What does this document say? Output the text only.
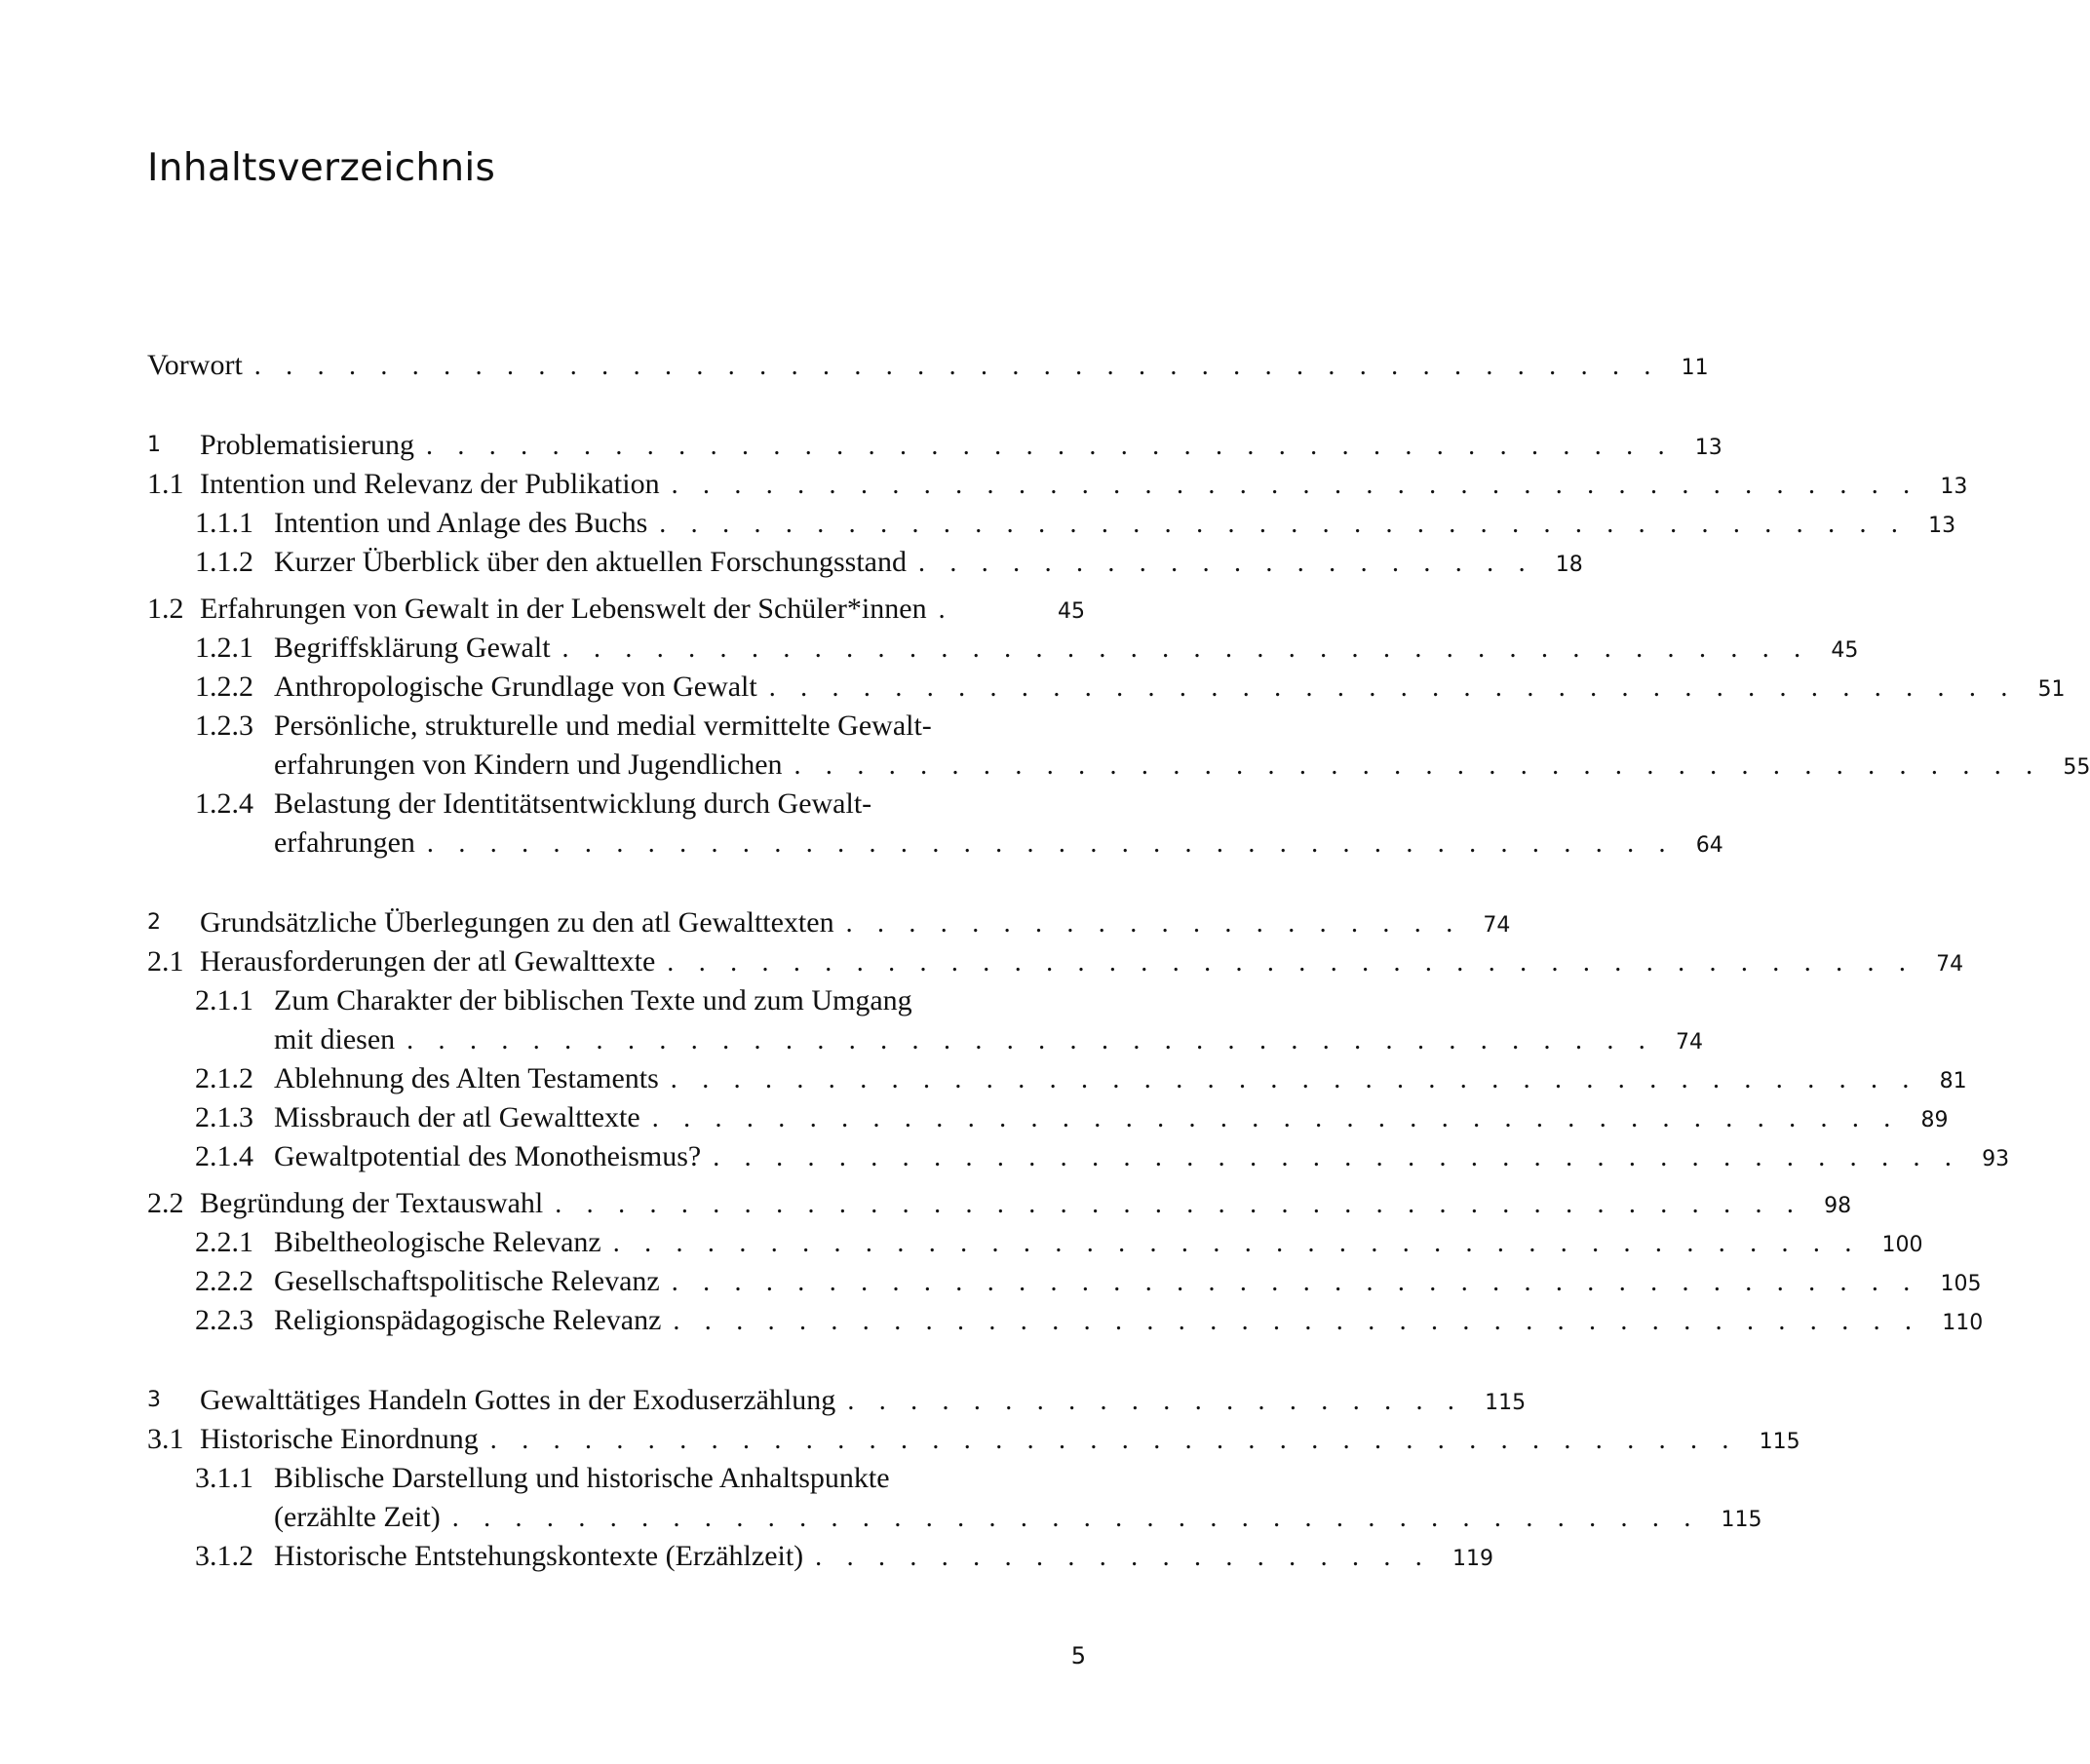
Inhaltsverzeichnis
Vorwort . . . . . . . . . . . . . . . . . . . . . . . . . . . . . . . . . . . . . . . . . . . . . 11
1 Problematisierung . . . . . . . . . . . . . . . . . . . . . . . . . . . . . . . . . . . . . . . . 13
1.1 Intention und Relevanz der Publikation . . . . . . . . . . . . . . . . . . . . . . . . . . . . . . . . . . . . . . . . 13
1.1.1 Intention und Anlage des Buchs . . . . . . . . . . . . . . . . . . . . . . . . . . . . . . . . . . . . . . . . 13
1.1.2 Kurzer Überblick über den aktuellen Forschungsstand . . . . . . . . . . . . . . . . . . . . 18
1.2 Erfahrungen von Gewalt in der Lebenswelt der Schüler*innen .	45
1.2.1 Begriffsklärung Gewalt . . . . . . . . . . . . . . . . . . . . . . . . . . . . . . . . . . . . . . . . 45
1.2.2 Anthropologische Grundlage von Gewalt . . . . . . . . . . . . . . . . . . . . . . . . . . . . . . . . . . . . . . . . 51
1.2.3 Persönliche, strukturelle und medial vermittelte Gewalt-
erfahrungen von Kindern und Jugendlichen . . . . . . . . . . . . . . . . . . . . . . . . . . . . . . . . . . . . . . . . 55
1.2.4 Belastung der Identitätsentwicklung durch Gewalt-
erfahrungen . . . . . . . . . . . . . . . . . . . . . . . . . . . . . . . . . . . . . . . . 64
2 Grundsätzliche Überlegungen zu den atl Gewalttexten . . . . . . . . . . . . . . . . . . . . 74
2.1 Herausforderungen der atl Gewalttexte . . . . . . . . . . . . . . . . . . . . . . . . . . . . . . . . . . . . . . . . 74
2.1.1 Zum Charakter der biblischen Texte und zum Umgang
mit diesen . . . . . . . . . . . . . . . . . . . . . . . . . . . . . . . . . . . . . . . . 74
2.1.2 Ablehnung des Alten Testaments . . . . . . . . . . . . . . . . . . . . . . . . . . . . . . . . . . . . . . . . 81
2.1.3 Missbrauch der atl Gewalttexte . . . . . . . . . . . . . . . . . . . . . . . . . . . . . . . . . . . . . . . . 89
2.1.4 Gewaltpotential des Monotheismus? . . . . . . . . . . . . . . . . . . . . . . . . . . . . . . . . . . . . . . . . 93
2.2 Begründung der Textauswahl . . . . . . . . . . . . . . . . . . . . . . . . . . . . . . . . . . . . . . . . 98
2.2.1 Bibeltheologische Relevanz . . . . . . . . . . . . . . . . . . . . . . . . . . . . . . . . . . . . . . . . 100
2.2.2 Gesellschaftspolitische Relevanz . . . . . . . . . . . . . . . . . . . . . . . . . . . . . . . . . . . . . . . . 105
2.2.3 Religionspädagogische Relevanz . . . . . . . . . . . . . . . . . . . . . . . . . . . . . . . . . . . . . . . . 110
3 Gewalttätiges Handeln Gottes in der Exoduserzählung . . . . . . . . . . . . . . . . . . . . 115
3.1 Historische Einordnung . . . . . . . . . . . . . . . . . . . . . . . . . . . . . . . . . . . . . . . . 115
3.1.1 Biblische Darstellung und historische Anhaltspunkte
(erzählte Zeit) . . . . . . . . . . . . . . . . . . . . . . . . . . . . . . . . . . . . . . . . 115
3.1.2 Historische Entstehungskontexte (Erzählzeit) . . . . . . . . . . . . . . . . . . . . 119
5
